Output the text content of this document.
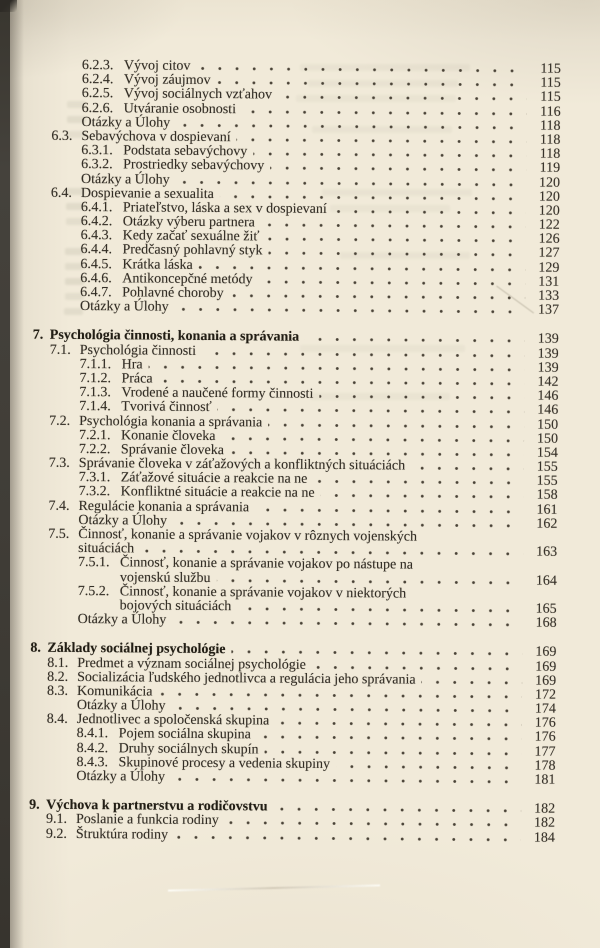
6.2.3. Vývoj citov	115
6.2.4. Vývoj záujmov	115
6.2.5. Vývoj sociálnych vzťahov	115
6.2.6. Utváranie osobnosti	116
Otázky a Úlohy	118
6.3. Sebavýchova v dospievaní	118
6.3.1. Podstata sebavýchovy	118
6.3.2. Prostriedky sebavýchovy	119
Otázky a Úlohy	120
6.4. Dospievanie a sexualita	120
6.4.1. Priateľstvo, láska a sex v dospievaní	120
6.4.2. Otázky výberu partnera	122
6.4.3. Kedy začať sexuálne žiť	126
6.4.4. Predčasný pohlavný styk	127
6.4.5. Krátka láska	129
6.4.6. Antikoncepčné metódy	131
6.4.7. Pohlavné choroby	133
Otázky a Úlohy	137
7. Psychológia činnosti, konania a správania	139
7.1. Psychológia činnosti	139
7.1.1. Hra	139
7.1.2. Práca	142
7.1.3. Vrodené a naučené formy činnosti	146
7.1.4. Tvorivá činnosť	146
7.2. Psychológia konania a správania	150
7.2.1. Konanie človeka	150
7.2.2. Správanie človeka	154
7.3. Správanie človeka v záťažových a konfliktných situáciách	155
7.3.1. Záťažové situácie a reakcie na ne	155
7.3.2. Konfliktné situácie a reakcie na ne	158
7.4. Regulácie konania a správania	161
Otázky a Úlohy	162
7.5. Činnosť, konanie a správanie vojakov v rôznych vojenských
situáciách	163
7.5.1. Činnosť, konanie a správanie vojakov po nástupe na
vojenskú službu	164
7.5.2. Činnosť, konanie a správanie vojakov v niektorých
bojových situáciách	165
Otázky a Úlohy	168
8. Základy sociálnej psychológie	169
8.1. Predmet a význam sociálnej psychológie	169
8.2. Socializácia ľudského jednotlivca a regulácia jeho správania	169
8.3. Komunikácia	172
Otázky a Úlohy	174
8.4. Jednotlivec a spoločenská skupina	176
8.4.1. Pojem sociálna skupina	176
8.4.2. Druhy sociálnych skupín	177
8.4.3. Skupinové procesy a vedenia skupiny	178
Otázky a Úlohy	181
9. Výchova k partnerstvu a rodičovstvu	182
9.1. Poslanie a funkcia rodiny	182
9.2. Štruktúra rodiny	184
